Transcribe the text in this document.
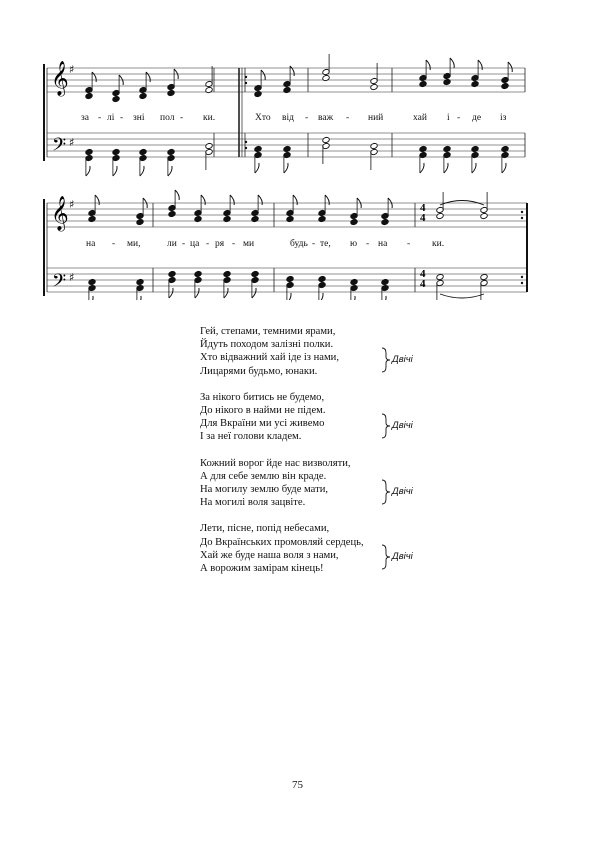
𝄞
𝄢
♯
♯
𝄞
𝄢
♯
♯
4
4
4
4
за - лі - зні пол - ки.	Хто від - важ - ний	хай і - де із
на - ми,	ли - ца - ря - ми	будь - те, ю - на - ки.
Гей, степами, темними ярами,
Йдуть походом залізні полки.
Хто відважний хай іде із нами,
Лицарями будьмо, юнаки.
Двічі
За нікого битись не будемо,
До нікого в найми не підем.
Для Вкраїни ми усі живемо
І за неї голови кладем.
Двічі
Кожний ворог йде нас визволяти,
А для себе землю він краде.
На могилу землю буде мати,
На могилі воля зацвіте.
Двічі
Лети, пісне, попід небесами,
До Вкраїнських промовляй сердець,
Хай же буде наша воля з нами,
А ворожим замірам кінець!
Двічі
75
